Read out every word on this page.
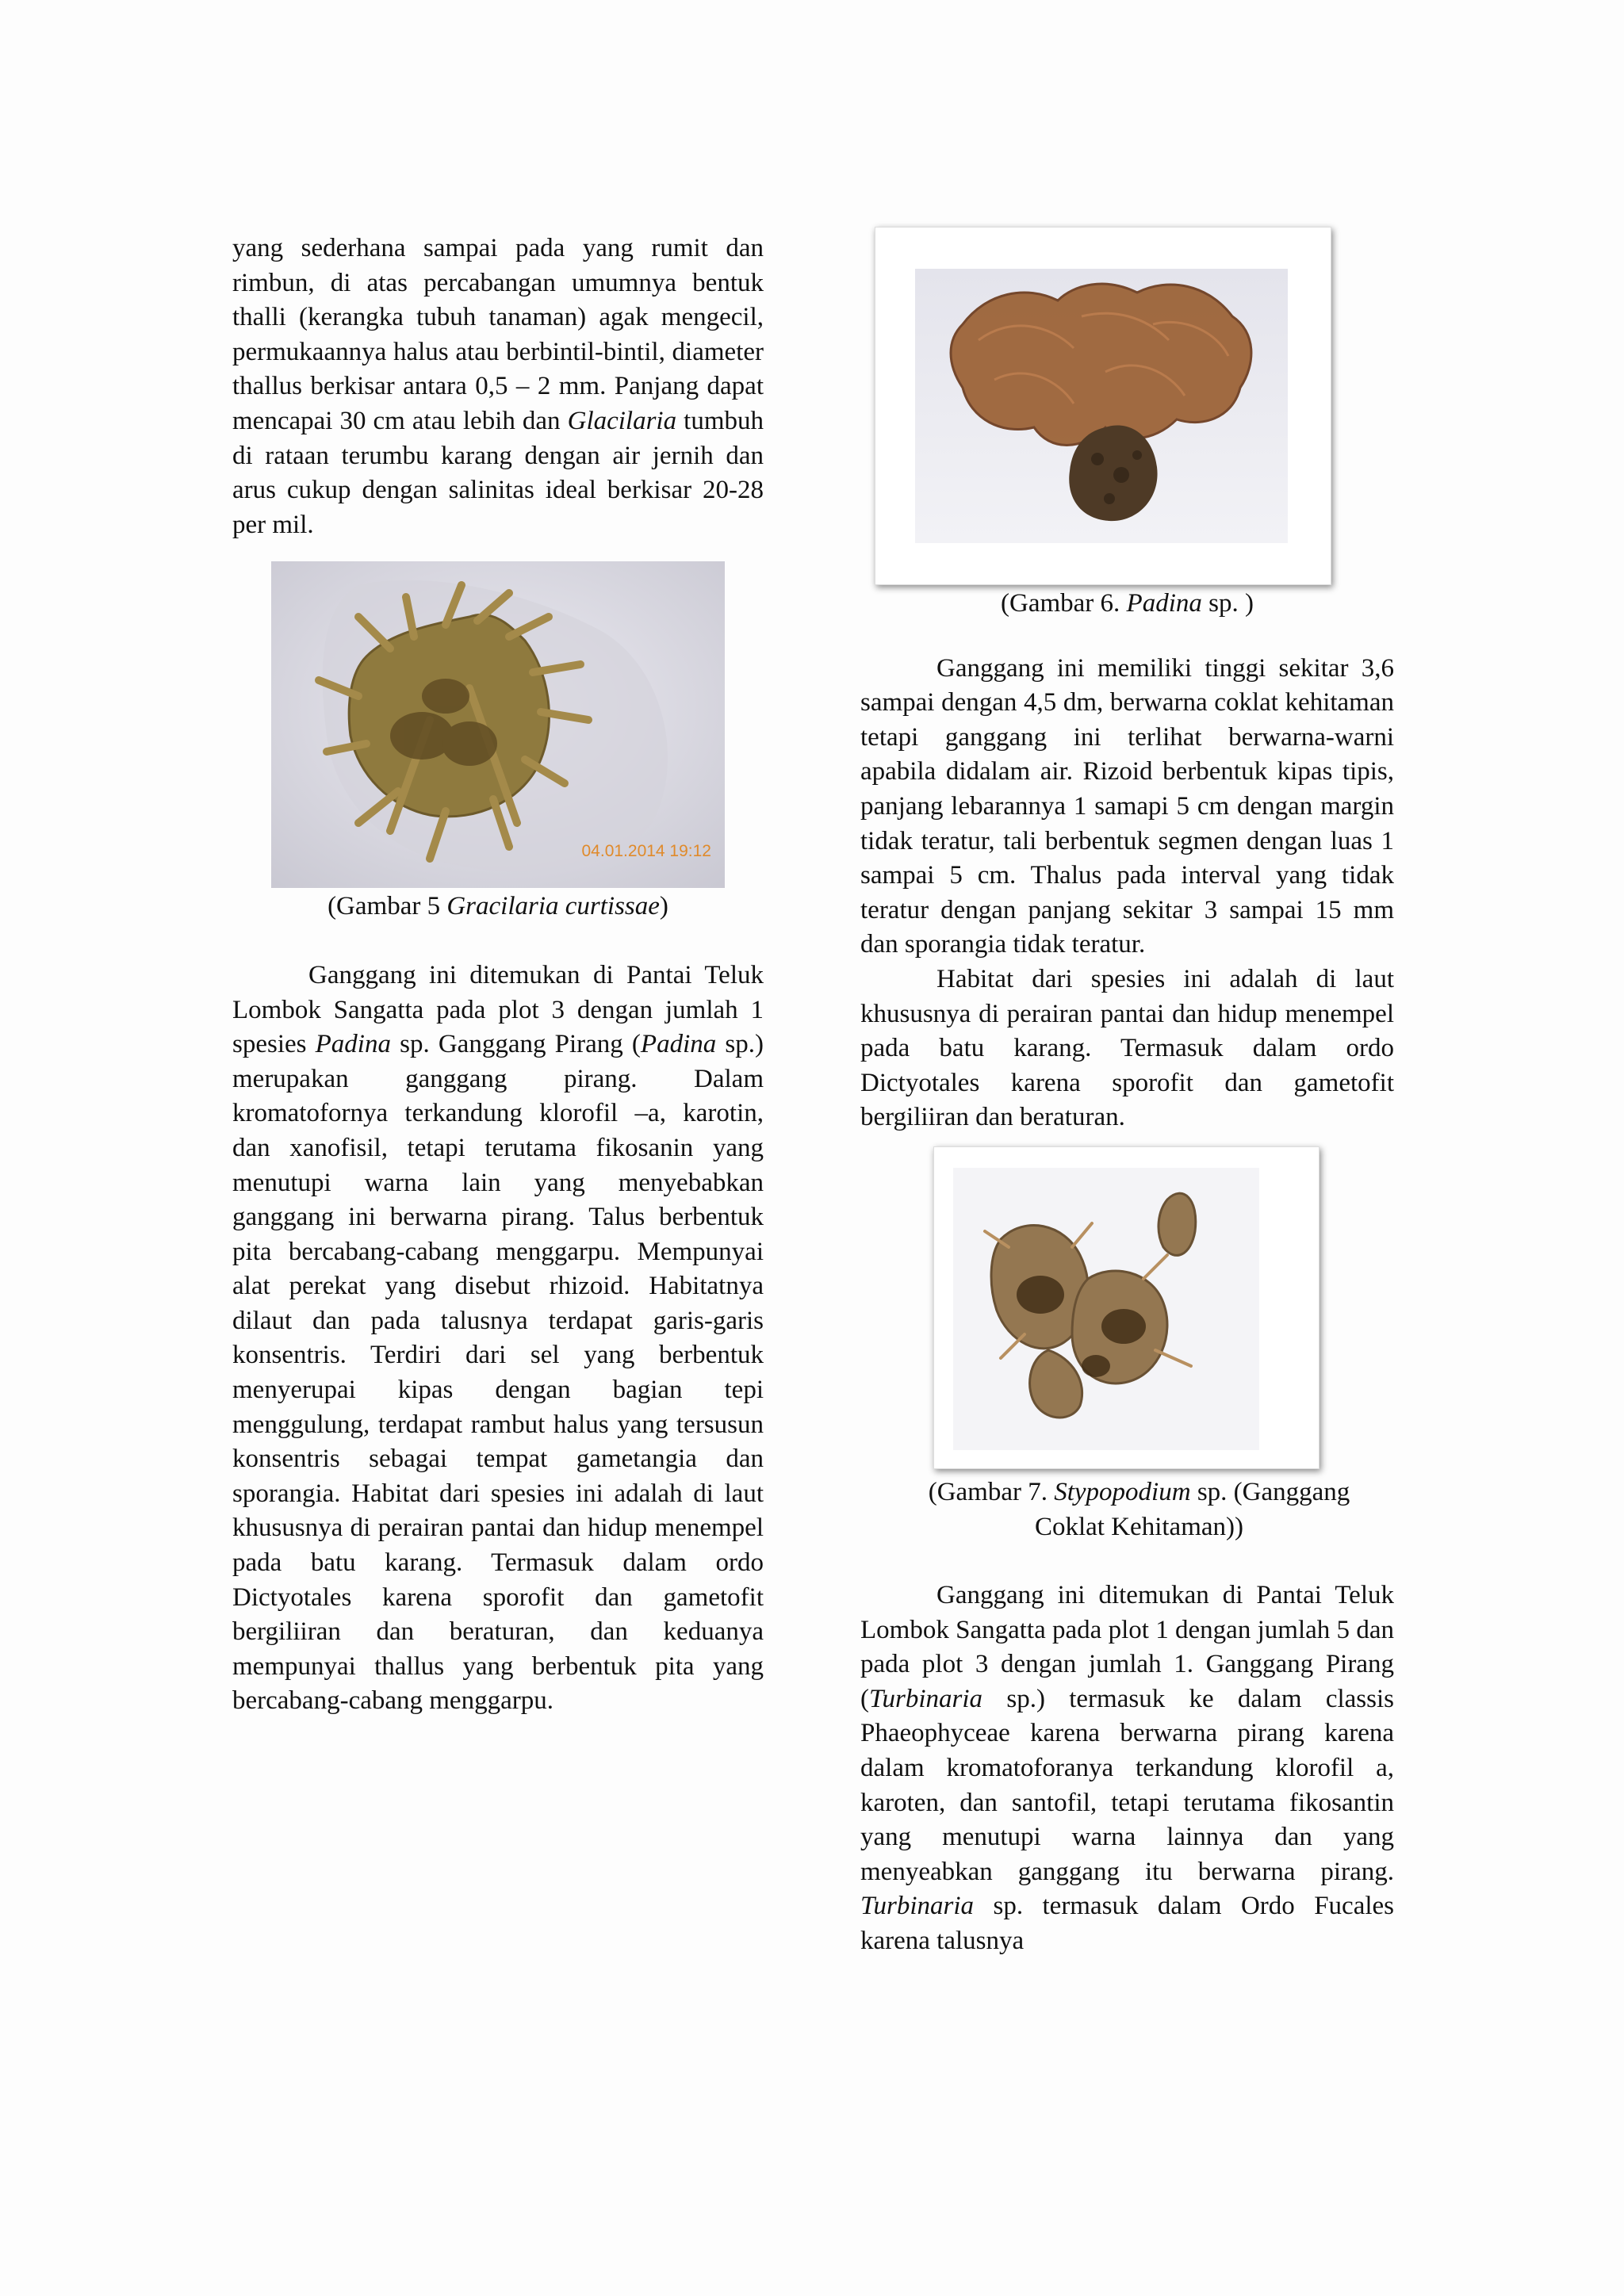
yang sederhana sampai pada yang rumit dan rimbun, di atas percabangan umumnya bentuk thalli (kerangka tubuh tanaman) agak mengecil, permukaannya halus atau berbintil-bintil, diameter thallus berkisar antara 0,5 – 2 mm. Panjang dapat mencapai 30 cm atau lebih dan Glacilaria tumbuh di rataan terumbu karang dengan air jernih dan arus cukup dengan salinitas ideal berkisar 20-28 per mil.

04.01.2014 19:12

(Gambar 5 Gracilaria curtissae)

Ganggang ini ditemukan di Pantai Teluk Lombok Sangatta pada plot 3 dengan jumlah 1 spesies Padina sp. Ganggang Pirang (Padina sp.) merupakan ganggang pirang. Dalam kromatofornya terkandung klorofil –a, karotin, dan xanofisil, tetapi terutama fikosanin yang menutupi warna lain yang menyebabkan ganggang ini berwarna pirang. Talus berbentuk pita bercabang-cabang menggarpu. Mempunyai alat perekat yang disebut rhizoid. Habitatnya dilaut dan pada talusnya terdapat garis-garis konsentris. Terdiri dari sel yang berbentuk menyerupai kipas dengan bagian tepi menggulung, terdapat rambut halus yang tersusun konsentris sebagai tempat gametangia dan sporangia. Habitat dari spesies ini adalah di laut khususnya di perairan pantai dan hidup menempel pada batu karang. Termasuk dalam ordo Dictyotales karena sporofit dan gametofit bergiliiran dan beraturan, dan keduanya mempunyai thallus yang berbentuk pita yang bercabang-cabang menggarpu.

(Gambar 6. Padina sp. )

Ganggang ini memiliki tinggi sekitar 3,6 sampai dengan 4,5 dm, berwarna coklat kehitaman tetapi ganggang ini terlihat berwarna-warni apabila didalam air. Rizoid berbentuk kipas tipis, panjang lebarannya 1 samapi 5 cm dengan margin tidak teratur, tali berbentuk segmen dengan luas 1 sampai 5 cm. Thalus pada interval yang tidak teratur dengan panjang sekitar 3 sampai 15 mm dan sporangia tidak teratur.

Habitat dari spesies ini adalah di laut khususnya di perairan pantai dan hidup menempel pada batu karang. Termasuk dalam ordo Dictyotales karena sporofit dan gametofit bergiliiran dan beraturan.

(Gambar 7. Stypopodium sp. (Ganggang
Coklat Kehitaman))

Ganggang ini ditemukan di Pantai Teluk Lombok Sangatta pada plot 1 dengan jumlah 5 dan pada plot 3 dengan jumlah 1. Ganggang Pirang (Turbinaria sp.) termasuk ke dalam classis Phaeophyceae karena berwarna pirang karena dalam kromatoforanya terkandung klorofil a, karoten, dan santofil, tetapi terutama fikosantin yang menutupi warna lainnya dan yang menyeabkan ganggang itu berwarna pirang. Turbinaria sp. termasuk dalam Ordo Fucales karena talusnya
